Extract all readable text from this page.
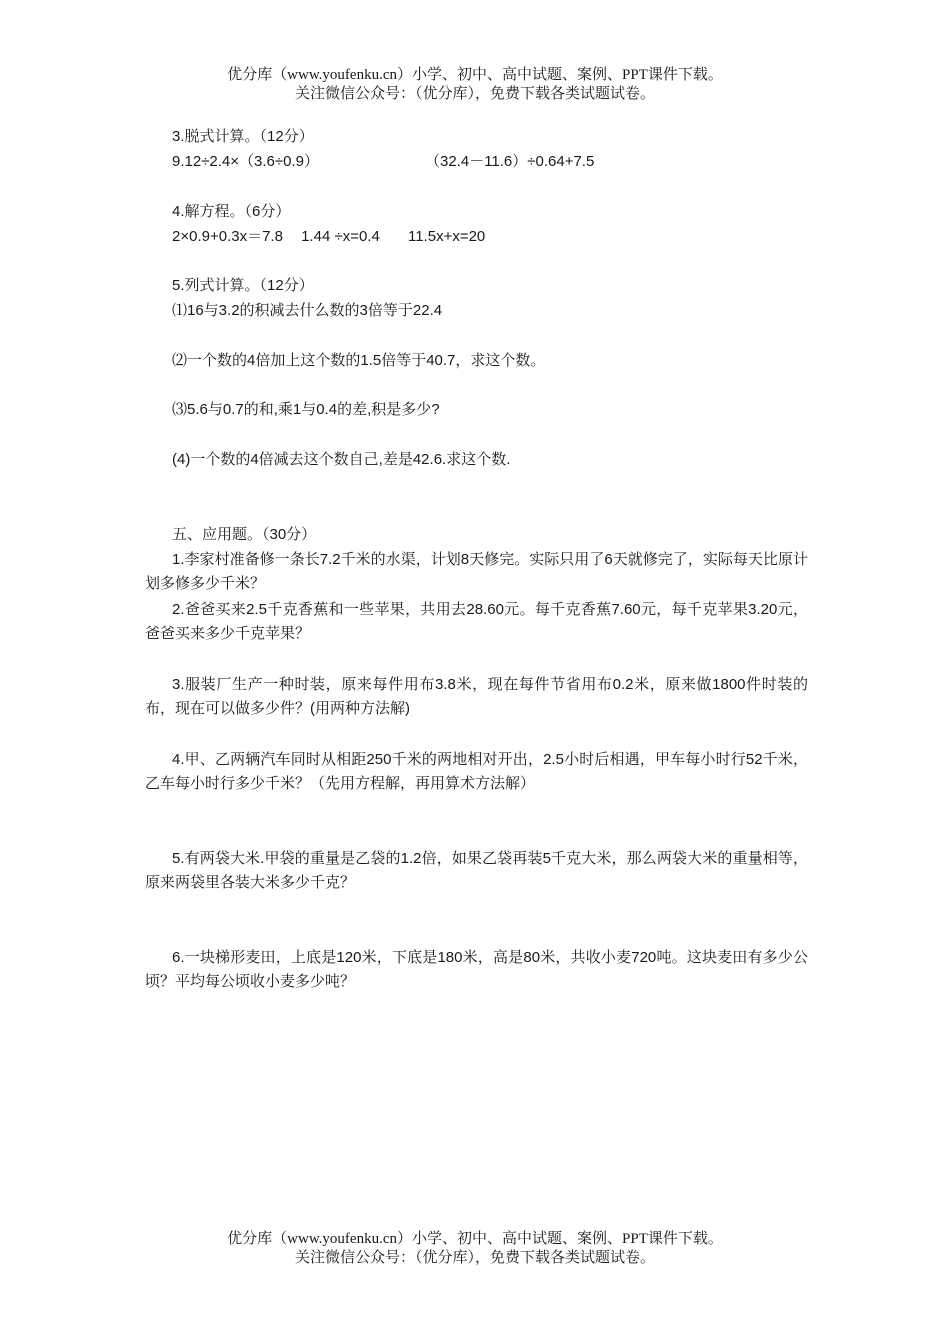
优分库（www.youfenku.cn）小学、初中、高中试题、案例、PPT课件下载。
关注微信公众号：（优分库），免费下载各类试题试卷。
3.脱式计算。（12分）
9.12÷2.4×（3.6÷0.9）	（32.4－11.6）÷0.64+7.5
4.解方程。（6分）
2×0.9+0.3x＝7.8 1.44 ÷x=0.4 11.5x+x=20
5.列式计算。（12分）
⑴16与3.2的积减去什么数的3倍等于22.4
⑵一个数的4倍加上这个数的1.5倍等于40.7，求这个数。
⑶5.6与0.7的和,乘1与0.4的差,积是多少?
(4)一个数的4倍减去这个数自己,差是42.6.求这个数.
五、应用题。（30分）
1.李家村准备修一条长7.2千米的水渠，计划8天修完。实际只用了6天就修完了，实际每天比原计划多修多少千米？
2.爸爸买来2.5千克香蕉和一些苹果，共用去28.60元。每千克香蕉7.60元，每千克苹果3.20元，爸爸买来多少千克苹果？
3.服装厂生产一种时装，原来每件用布3.8米，现在每件节省用布0.2米，原来做1800件时装的布，现在可以做多少件？(用两种方法解)
4.甲、乙两辆汽车同时从相距250千米的两地相对开出，2.5小时后相遇，甲车每小时行52千米，乙车每小时行多少千米？（先用方程解，再用算术方法解）
5.有两袋大米.甲袋的重量是乙袋的1.2倍，如果乙袋再装5千克大米，那么两袋大米的重量相等，原来两袋里各装大米多少千克？
6.一块梯形麦田，上底是120米，下底是180米，高是80米，共收小麦720吨。这块麦田有多少公顷？平均每公顷收小麦多少吨？
优分库（www.youfenku.cn）小学、初中、高中试题、案例、PPT课件下载。
关注微信公众号：（优分库），免费下载各类试题试卷。
